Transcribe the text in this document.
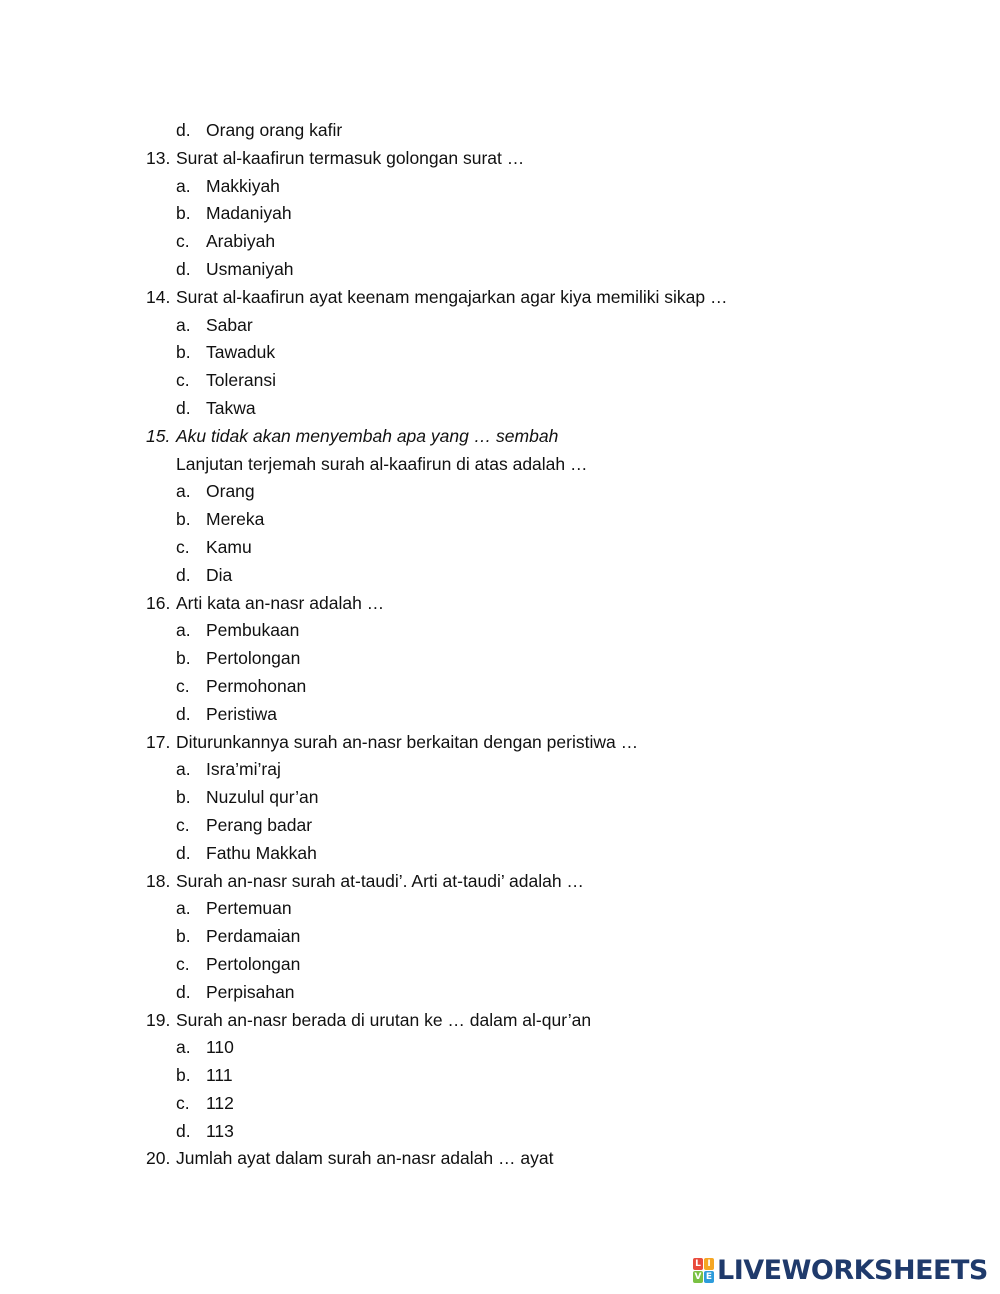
d. Orang orang kafir
13. Surat al-kaafirun termasuk golongan surat …
a. Makkiyah
b. Madaniyah
c. Arabiyah
d. Usmaniyah
14. Surat al-kaafirun ayat keenam mengajarkan agar kiya memiliki sikap …
a. Sabar
b. Tawaduk
c. Toleransi
d. Takwa
15. Aku tidak akan menyembah apa yang … sembah
Lanjutan terjemah surah al-kaafirun di atas adalah …
a. Orang
b. Mereka
c. Kamu
d. Dia
16. Arti kata an-nasr adalah …
a. Pembukaan
b. Pertolongan
c. Permohonan
d. Peristiwa
17. Diturunkannya surah an-nasr berkaitan dengan peristiwa …
a. Isra’mi’raj
b. Nuzulul qur’an
c. Perang badar
d. Fathu Makkah
18. Surah an-nasr surah at-taudi’. Arti at-taudi’ adalah …
a. Pertemuan
b. Perdamaian
c. Pertolongan
d. Perpisahan
19. Surah an-nasr berada di urutan ke … dalam al-qur’an
a. 110
b. 111
c. 112
d. 113
20. Jumlah ayat dalam surah an-nasr adalah … ayat
L I
V E LIVEWORKSHEETS
